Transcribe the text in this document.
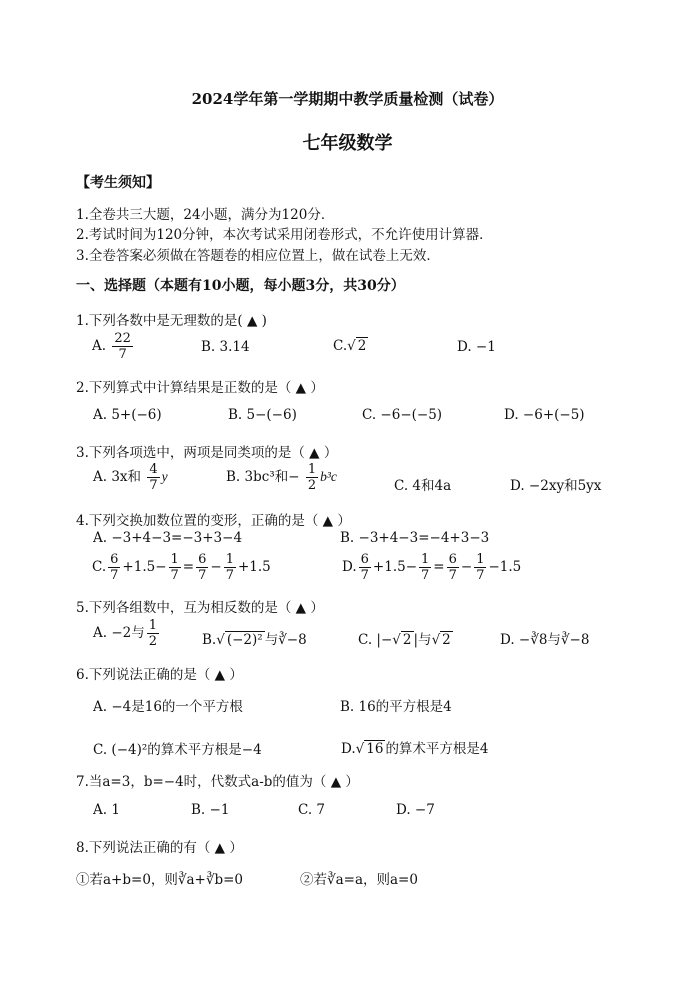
2024学年第一学期期中教学质量检测（试卷）
七年级数学
【考生须知】
1.全卷共三大题，24小题，满分为120分．
2.考试时间为120分钟，本次考试采用闭卷形式，不允许使用计算器．
3.全卷答案必须做在答题卷的相应位置上，做在试卷上无效．
一、选择题（本题有10小题，每小题3分，共30分）
1.下列各数中是无理数的是( ▲ )
A. $\frac{22}{7}$	B. 3.14	C.√ 2	D. −1
2.下列算式中计算结果是正数的是（ ▲ ）
A. 5+(−6)	B. 5−(−6)	C. −6−(−5)	D. −6+(−5)
3.下列各项选中，两项是同类项的是（ ▲ ）
A. 3x和 $\frac{4}{7}$ y	B. 3bc³和− $\frac{1}{2} b^3c$
C. 4和4a	D. −2xy和5yx
4.下列交换加数位置的变形，正确的是（ ▲ ）
A. −3+4−3=−3+3−4	B. −3+4−3=−4+3−3
C. $\frac{6}{7} +1.5- \frac{1}{7} = \frac{6}{7} - \frac{1}{7} +1.5$	D. $\frac{6}{7} +1.5- \frac{1}{7} = \frac{6}{7} - \frac{1}{7} -1.5$
5.下列各组数中，互为相反数的是（ ▲ ）
A. −2与 $\frac{1}{2}$	B.√ (−2)² 与∛−8	C. |−√ 2 |与√ 2	D. −∛8与∛−8
6.下列说法正确的是（ ▲ ）
A. −4是16的一个平方根	B. 16的平方根是4
C. (−4)²的算术平方根是−4	D.√ 16 的算术平方根是4
7.当a=3，b=−4时，代数式a-b的值为（ ▲ ）
A. 1	B. −1	C. 7	D. −7
8.下列说法正确的有（ ▲ ）
①若a+b=0，则∛a+∛b=0	②若∛a=a，则a=0
